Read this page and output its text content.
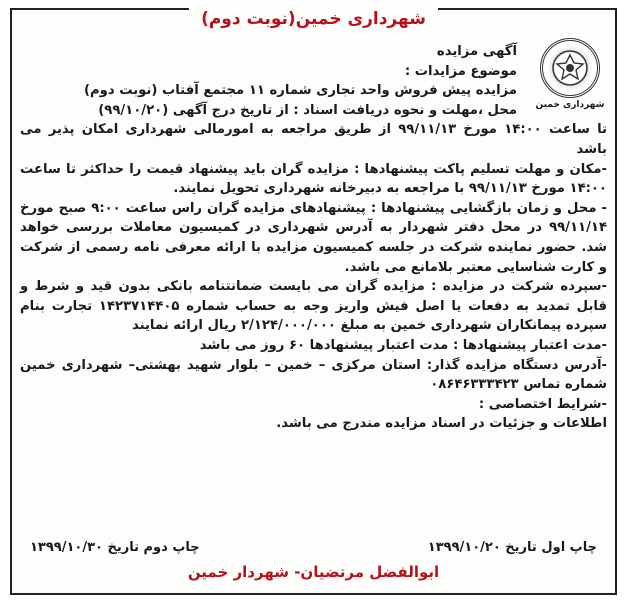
شهرداری خمین(نوبت دوم)
شهرداری خمین

آگهی مزایده

موضوع مزایدات :

مزایده پیش فروش واحد تجاری شماره ۱۱ مجتمع آفتاب (نوبت دوم)

محل ،مهلت و نحوه دریافت اسناد : از تاریخ درج آگهی (۹۹/۱۰/۲۰)

تا ساعت ۱۴:۰۰ مورخ ۹۹/۱۱/۱۳ از طریق مراجعه به امورمالی شهرداری امکان پذیر می باشد

-مکان و مهلت تسلیم پاکت پیشنهادها : مزایده گران باید پیشنهاد قیمت را حداکثر تا ساعت ۱۴:۰۰ مورخ ۹۹/۱۱/۱۳ با مراجعه به دبیرخانه شهرداری تحویل نمایند.

- محل و زمان بازگشایی پیشنهادها : پیشنهادهای مزایده گران راس ساعت ۹:۰۰ صبح مورخ ۹۹/۱۱/۱۴ در محل دفتر شهردار به آدرس شهرداری در کمیسیون معاملات بررسی خواهد شد. حضور نماینده شرکت در جلسه کمیسیون مزایده با ارائه معرفی نامه رسمی از شرکت و کارت شناسایی معتبر بلامانع می باشد.

-سپرده شرکت در مزایده : مزایده گران می بایست ضمانتنامه بانکی بدون قید و شرط و قابل تمدید به دفعات یا اصل فیش واریز وجه به حساب شماره ۱۴۲۳۷۱۴۴۰۵ تجارت بنام سپرده پیمانکاران شهرداری خمین به مبلغ ۲/۱۲۴/۰۰۰/۰۰۰ ریال ارائه نمایند

-مدت اعتبار پیشنهادها : مدت اعتبار پیشنهادها ۶۰ روز می باشد

-آدرس دستگاه مزایده گذار: استان مرکزی – خمین – بلوار شهید بهشتی– شهرداری خمین شماره تماس ۰۸۶۴۶۳۳۳۴۲۳

-شرایط اختصاصی :

اطلاعات و جزئیات در اسناد مزایده مندرج می باشد.

چاپ اول تاریخ ۱۳۹۹/۱۰/۲۰
چاپ دوم تاریخ ۱۳۹۹/۱۰/۳۰
ابوالفضل مرتضیان- شهردار خمین
